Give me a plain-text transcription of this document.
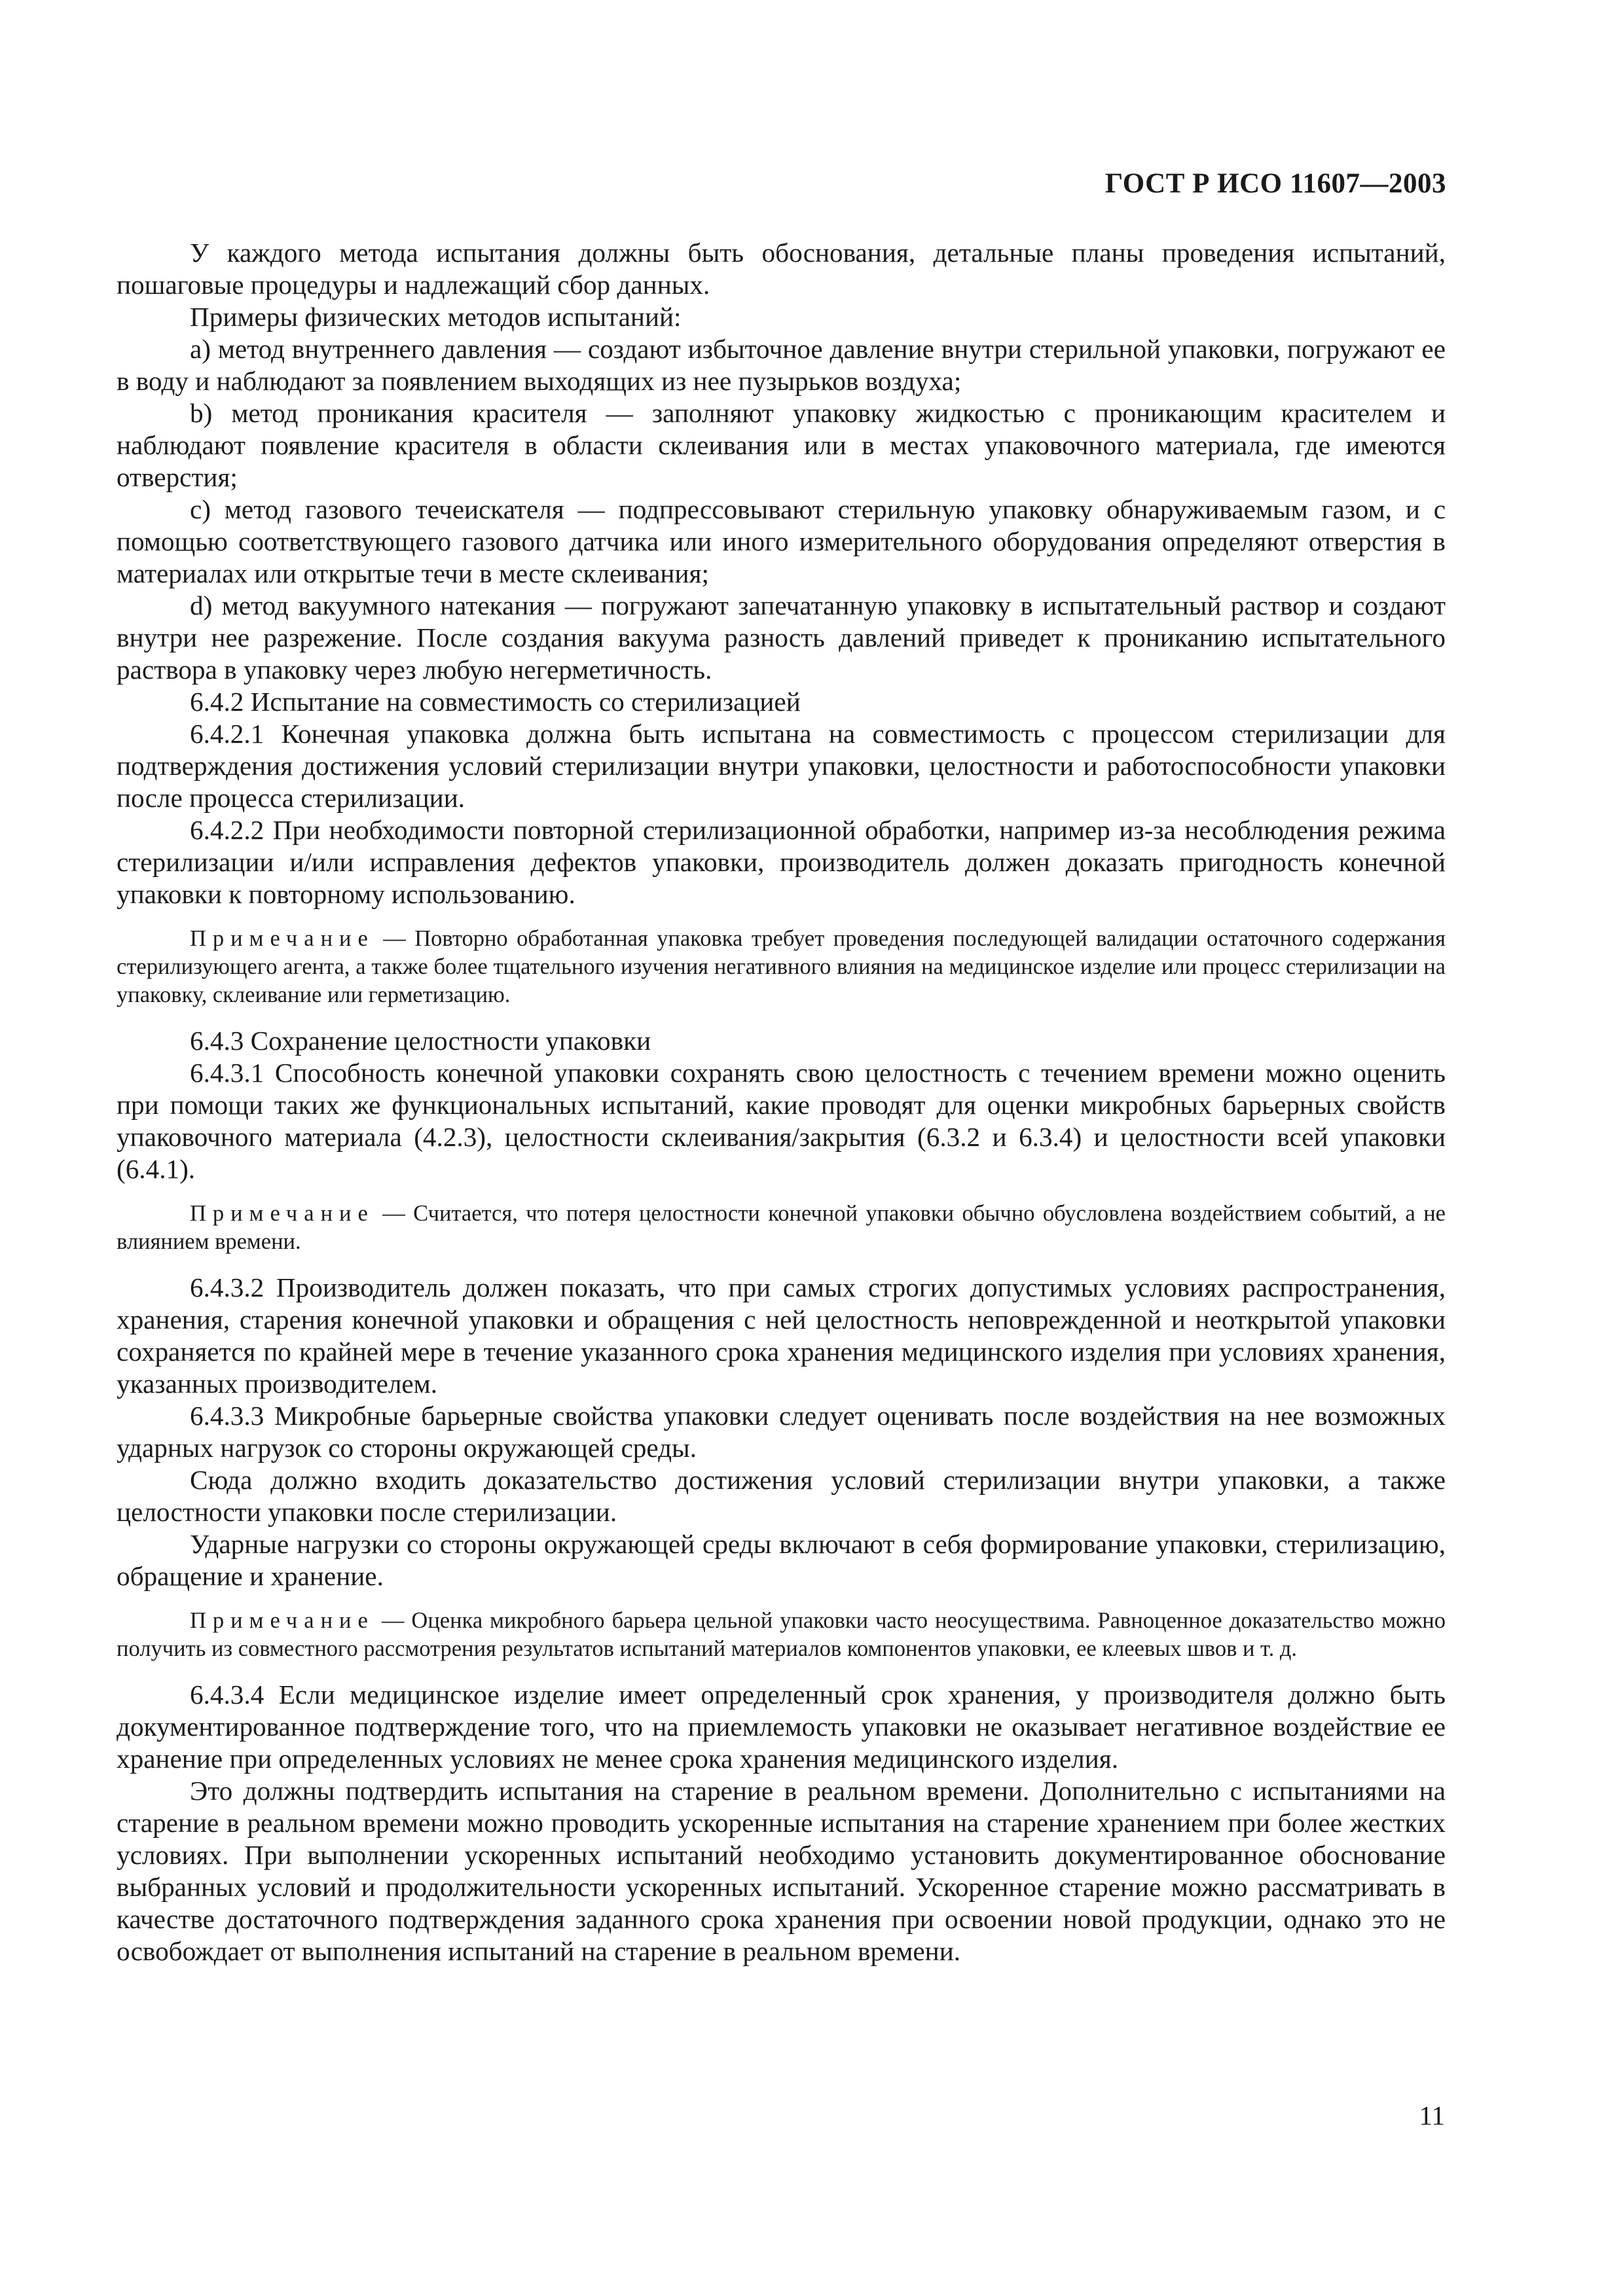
ГОСТ Р ИСО 11607—2003

У каждого метода испытания должны быть обоснования, детальные планы проведения испытаний, пошаговые процедуры и надлежащий сбор данных.

Примеры физических методов испытаний:

a) метод внутреннего давления — создают избыточное давление внутри стерильной упаковки, погружают ее в воду и наблюдают за появлением выходящих из нее пузырьков воздуха;

b) метод проникания красителя — заполняют упаковку жидкостью с проникающим красителем и наблюдают появление красителя в области склеивания или в местах упаковочного материала, где имеются отверстия;

c) метод газового течеискателя — подпрессовывают стерильную упаковку обнаруживаемым газом, и с помощью соответствующего газового датчика или иного измерительного оборудования определяют отверстия в материалах или открытые течи в месте склеивания;

d) метод вакуумного натекания — погружают запечатанную упаковку в испытательный раствор и создают внутри нее разрежение. После создания вакуума разность давлений приведет к прониканию испытательного раствора в упаковку через любую негерметичность.

6.4.2 Испытание на совместимость со стерилизацией

6.4.2.1 Конечная упаковка должна быть испытана на совместимость с процессом стерилизации для подтверждения достижения условий стерилизации внутри упаковки, целостности и работоспособности упаковки после процесса стерилизации.

6.4.2.2 При необходимости повторной стерилизационной обработки, например из-за несоблюдения режима стерилизации и/или исправления дефектов упаковки, производитель должен доказать пригодность конечной упаковки к повторному использованию.

Примечание — Повторно обработанная упаковка требует проведения последующей валидации остаточного содержания стерилизующего агента, а также более тщательного изучения негативного влияния на медицинское изделие или процесс стерилизации на упаковку, склеивание или герметизацию.

6.4.3 Сохранение целостности упаковки

6.4.3.1 Способность конечной упаковки сохранять свою целостность с течением времени можно оценить при помощи таких же функциональных испытаний, какие проводят для оценки микробных барьерных свойств упаковочного материала (4.2.3), целостности склеивания/закрытия (6.3.2 и 6.3.4) и целостности всей упаковки (6.4.1).

Примечание — Считается, что потеря целостности конечной упаковки обычно обусловлена воздействием событий, а не влиянием времени.

6.4.3.2 Производитель должен показать, что при самых строгих допустимых условиях распространения, хранения, старения конечной упаковки и обращения с ней целостность неповрежденной и неоткрытой упаковки сохраняется по крайней мере в течение указанного срока хранения медицинского изделия при условиях хранения, указанных производителем.

6.4.3.3 Микробные барьерные свойства упаковки следует оценивать после воздействия на нее возможных ударных нагрузок со стороны окружающей среды.

Сюда должно входить доказательство достижения условий стерилизации внутри упаковки, а также целостности упаковки после стерилизации.

Ударные нагрузки со стороны окружающей среды включают в себя формирование упаковки, стерилизацию, обращение и хранение.

Примечание — Оценка микробного барьера цельной упаковки часто неосуществима. Равноценное доказательство можно получить из совместного рассмотрения результатов испытаний материалов компонентов упаковки, ее клеевых швов и т. д.

6.4.3.4 Если медицинское изделие имеет определенный срок хранения, у производителя должно быть документированное подтверждение того, что на приемлемость упаковки не оказывает негативное воздействие ее хранение при определенных условиях не менее срока хранения медицинского изделия.

Это должны подтвердить испытания на старение в реальном времени. Дополнительно с испытаниями на старение в реальном времени можно проводить ускоренные испытания на старение хранением при более жестких условиях. При выполнении ускоренных испытаний необходимо установить документированное обоснование выбранных условий и продолжительности ускоренных испытаний. Ускоренное старение можно рассматривать в качестве достаточного подтверждения заданного срока хранения при освоении новой продукции, однако это не освобождает от выполнения испытаний на старение в реальном времени.

11
